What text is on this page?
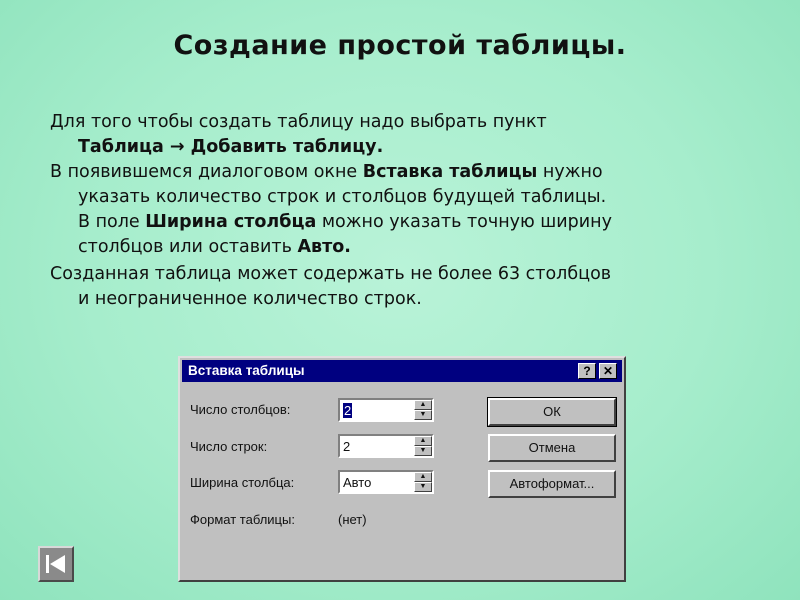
Создание простой таблицы.
Для того чтобы создать таблицу надо выбрать пункт
Таблица → Добавить таблицу.
В появившемся диалоговом окне Вставка таблицы нужно
указать количество строк и столбцов будущей таблицы.
В поле Ширина столбца можно указать точную ширину
столбцов или оставить Авто.
Созданная таблица может содержать не более 63 столбцов
и неограниченное количество строк.
Вставка таблицы	?	✕
Число столбцов:	2	▲
▼
Число строк:	2	▲
▼
Ширина столбца:	Авто	▲
▼
Формат таблицы:	(нет)
ОК
Отмена
Автоформат...
